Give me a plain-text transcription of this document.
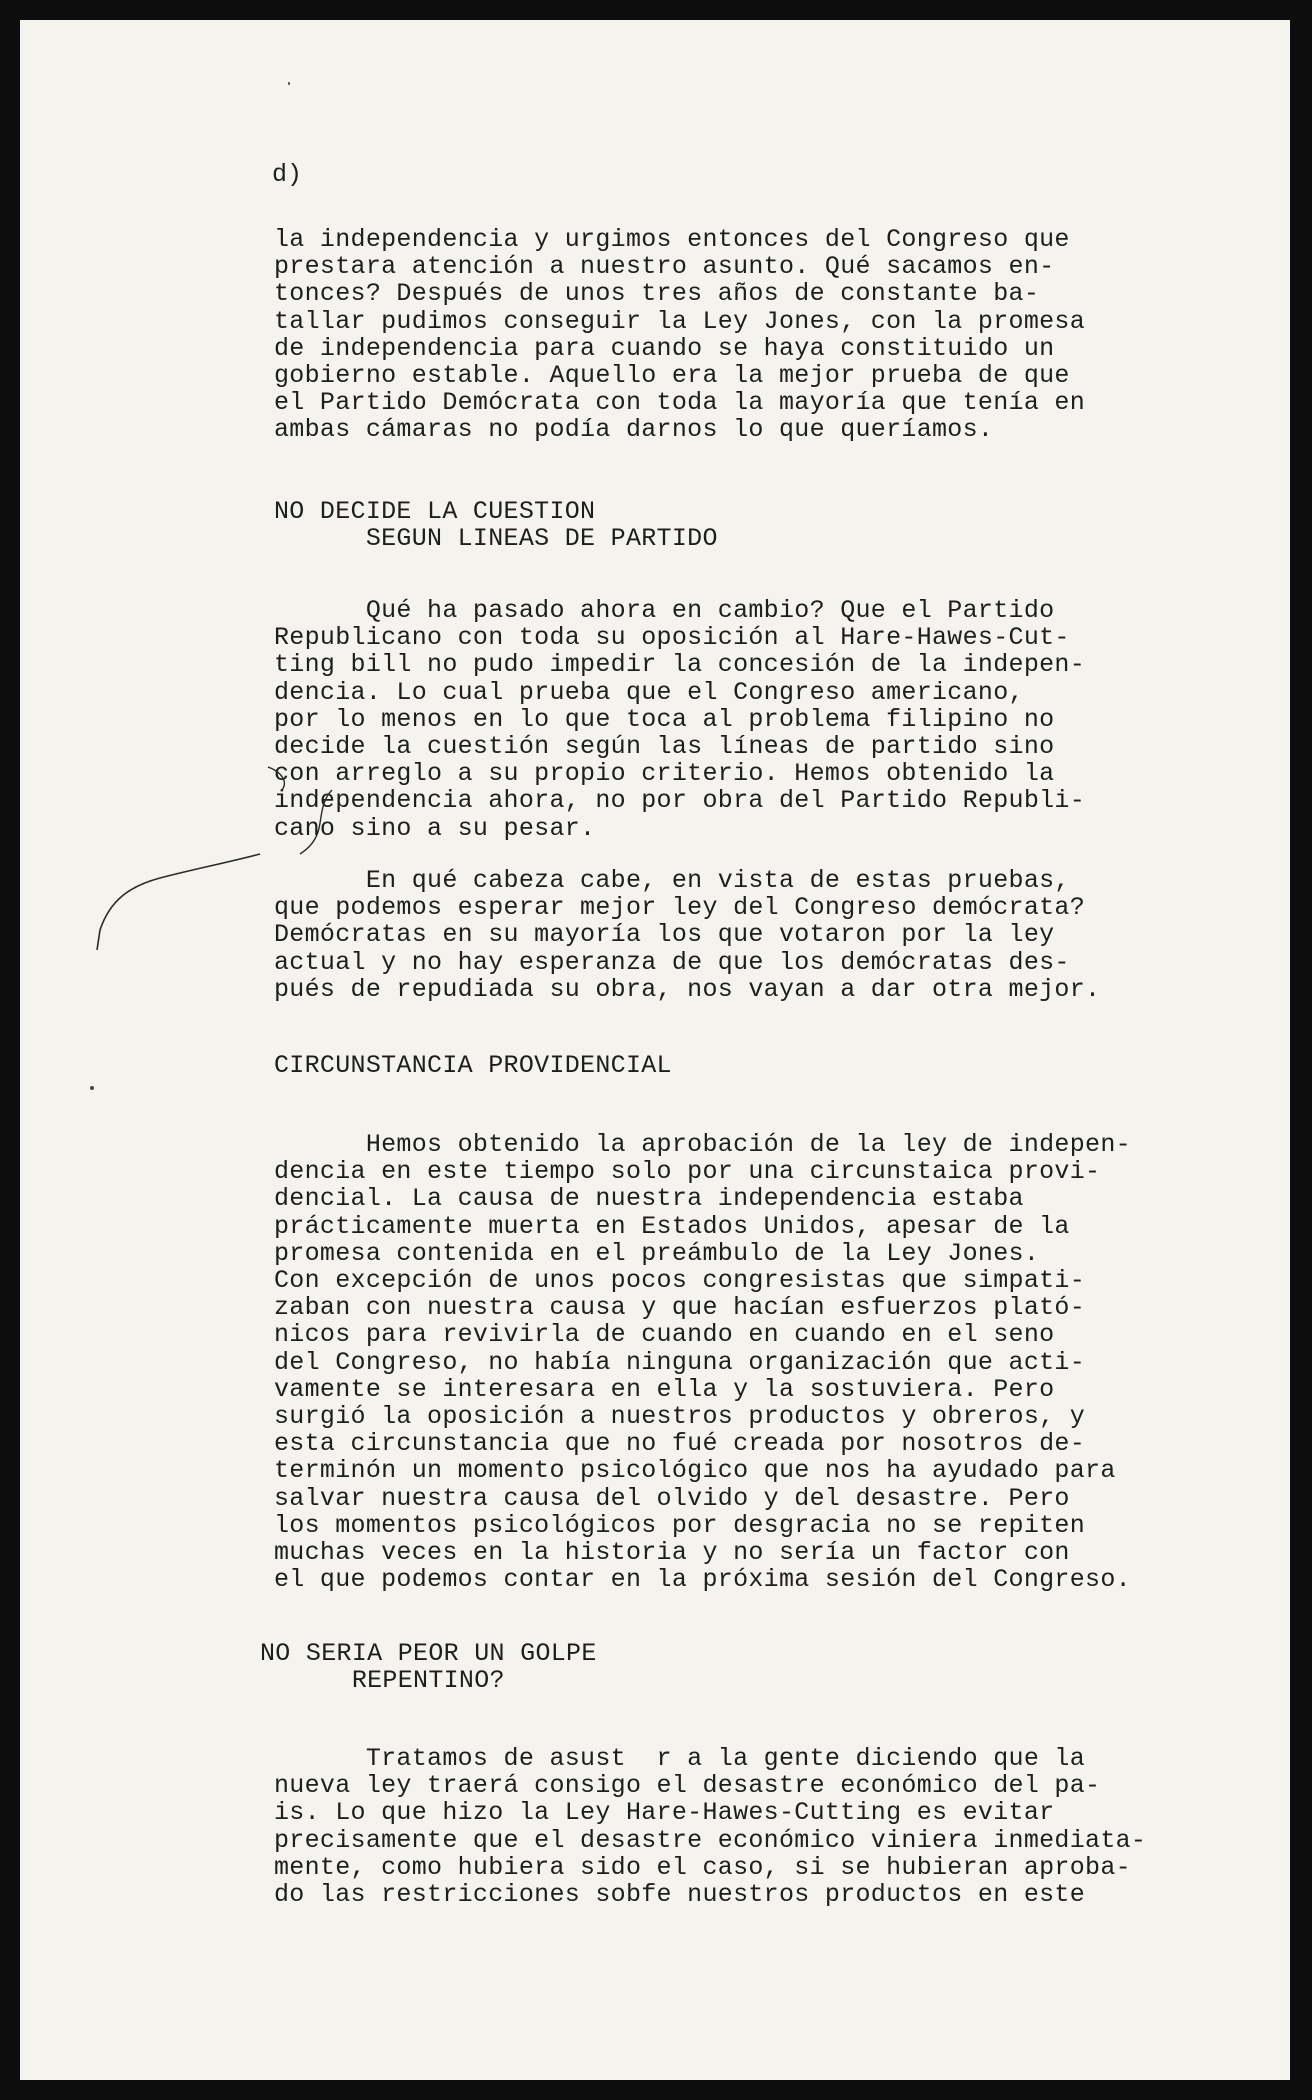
d)
la independencia y urgimos entonces del Congreso que
prestara atención a nuestro asunto. Qué sacamos en-
tonces? Después de unos tres años de constante ba-
tallar pudimos conseguir la Ley Jones, con la promesa
de independencia para cuando se haya constituido un
gobierno estable. Aquello era la mejor prueba de que
el Partido Demócrata con toda la mayoría que tenía en
ambas cámaras no podía darnos lo que queríamos.
NO DECIDE LA CUESTION
SEGUN LINEAS DE PARTIDO
Qué ha pasado ahora en cambio? Que el Partido
Republicano con toda su oposición al Hare-Hawes-Cut-
ting bill no pudo impedir la concesión de la indepen-
dencia. Lo cual prueba que el Congreso americano,
por lo menos en lo que toca al problema filipino no
decide la cuestión según las líneas de partido sino
con arreglo a su propio criterio. Hemos obtenido la
independencia ahora, no por obra del Partido Republi-
cano sino a su pesar.
En qué cabeza cabe, en vista de estas pruebas,
que podemos esperar mejor ley del Congreso demócrata?
Demócratas en su mayoría los que votaron por la ley
actual y no hay esperanza de que los demócratas des-
pués de repudiada su obra, nos vayan a dar otra mejor.
CIRCUNSTANCIA PROVIDENCIAL
Hemos obtenido la aprobación de la ley de indepen-
dencia en este tiempo solo por una circunstaica provi-
dencial. La causa de nuestra independencia estaba
prácticamente muerta en Estados Unidos, apesar de la
promesa contenida en el preámbulo de la Ley Jones.
Con excepción de unos pocos congresistas que simpati-
zaban con nuestra causa y que hacían esfuerzos plató-
nicos para revivirla de cuando en cuando en el seno
del Congreso, no había ninguna organización que acti-
vamente se interesara en ella y la sostuviera. Pero
surgió la oposición a nuestros productos y obreros, y
esta circunstancia que no fué creada por nosotros de-
terminón un momento psicológico que nos ha ayudado para
salvar nuestra causa del olvido y del desastre. Pero
los momentos psicológicos por desgracia no se repiten
muchas veces en la historia y no sería un factor con
el que podemos contar en la próxima sesión del Congreso.
NO SERIA PEOR UN GOLPE
REPENTINO?
Tratamos de asust  r a la gente diciendo que la
nueva ley traerá consigo el desastre económico del pa-
is. Lo que hizo la Ley Hare-Hawes-Cutting es evitar
precisamente que el desastre económico viniera inmediata-
mente, como hubiera sido el caso, si se hubieran aproba-
do las restricciones sobfe nuestros productos en este
